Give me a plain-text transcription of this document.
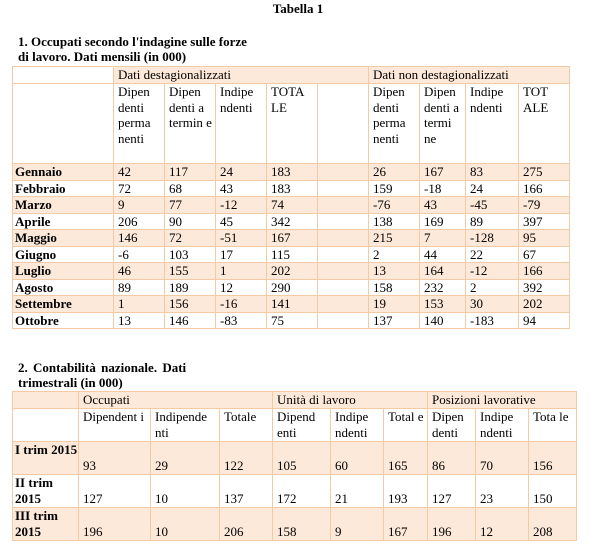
Tabella 1
1. Occupati secondo l'indagine sulle forze
di lavoro. Dati mensili (in 000)
	Dati destagionalizzati					Dati non destagionalizzati			
	Dipen denti perma nenti	Dipen denti a termin e	Indipe ndenti	TOTA LE		Dipen denti perma nenti	Dipen denti a termi ne	Indipe ndenti	TOT ALE
Gennaio	42	117	24	183		26	167	83	275
Febbraio	72	68	43	183		159	-18	24	166
Marzo	9	77	-12	74		-76	43	-45	-79
Aprile	206	90	45	342		138	169	89	397
Maggio	146	72	-51	167		215	7	-128	95
Giugno	-6	103	17	115		2	44	22	67
Luglio	46	155	1	202		13	164	-12	166
Agosto	89	189	12	290		158	232	2	392
Settembre	1	156	-16	141		19	153	30	202
Ottobre	13	146	-83	75		137	140	-183	94
2. Contabilità nazionale. Dati
trimestrali (in 000)
	Occupati			Unità di lavoro			Posizioni lavorative		
	Dipendent i	Indipende nti	Totale	Dipend enti	Indipe ndenti	Total e	Dipen denti	Indipe ndenti	Tota le
I trim 2015	93	29	122	105	60	165	86	70	156
II trim 2015	127	10	137	172	21	193	127	23	150
III trim 2015	196	10	206	158	9	167	196	12	208
